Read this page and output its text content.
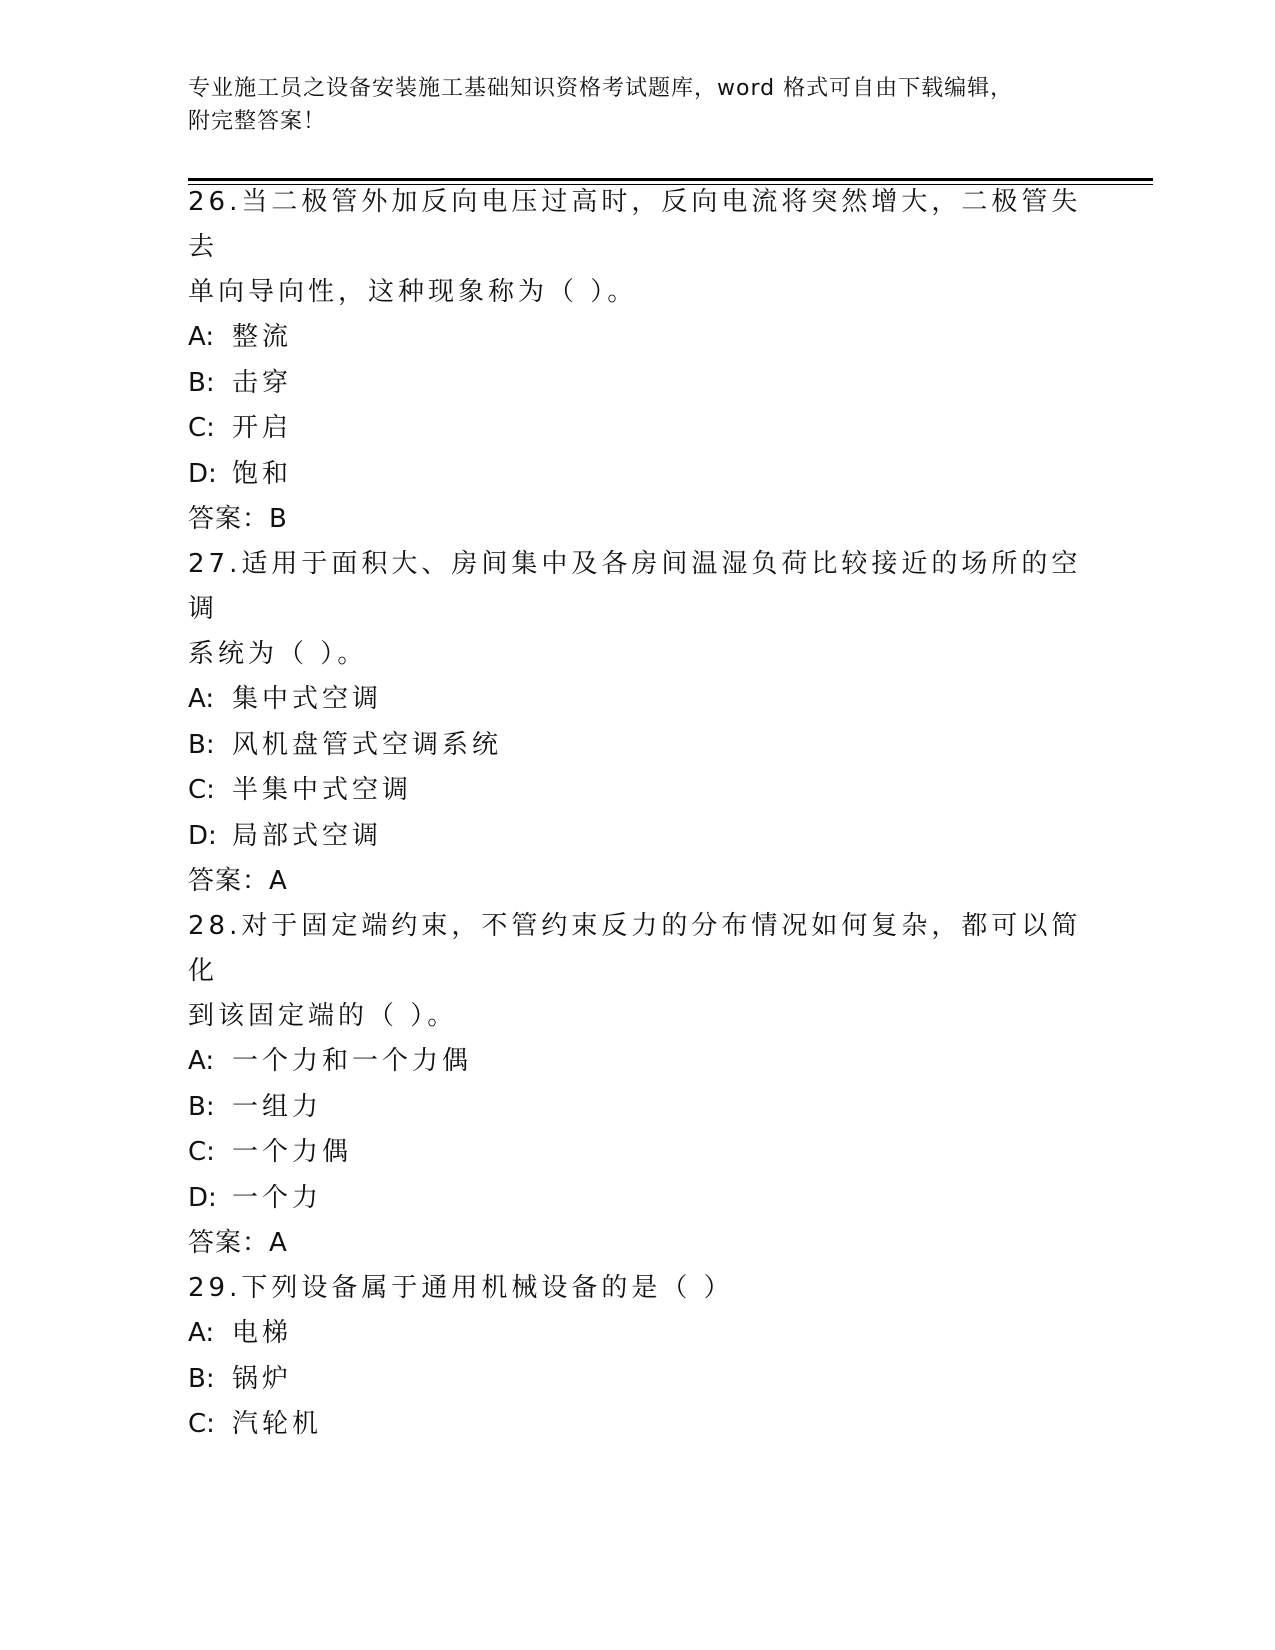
专业施工员之设备安装施工基础知识资格考试题库，word 格式可自由下载编辑，
附完整答案！

26.当二极管外加反向电压过高时，反向电流将突然增大，二极管失去

单向导向性，这种现象称为（ ）。

A: 整流

B: 击穿

C: 开启

D: 饱和

答案：B

27.适用于面积大、房间集中及各房间温湿负荷比较接近的场所的空调

系统为（ ）。

A: 集中式空调

B: 风机盘管式空调系统

C: 半集中式空调

D: 局部式空调

答案：A

28.对于固定端约束，不管约束反力的分布情况如何复杂，都可以简化

到该固定端的（ ）。

A: 一个力和一个力偶

B: 一组力

C: 一个力偶

D: 一个力

答案：A

29.下列设备属于通用机械设备的是（ ）

A: 电梯

B: 锅炉

C: 汽轮机
